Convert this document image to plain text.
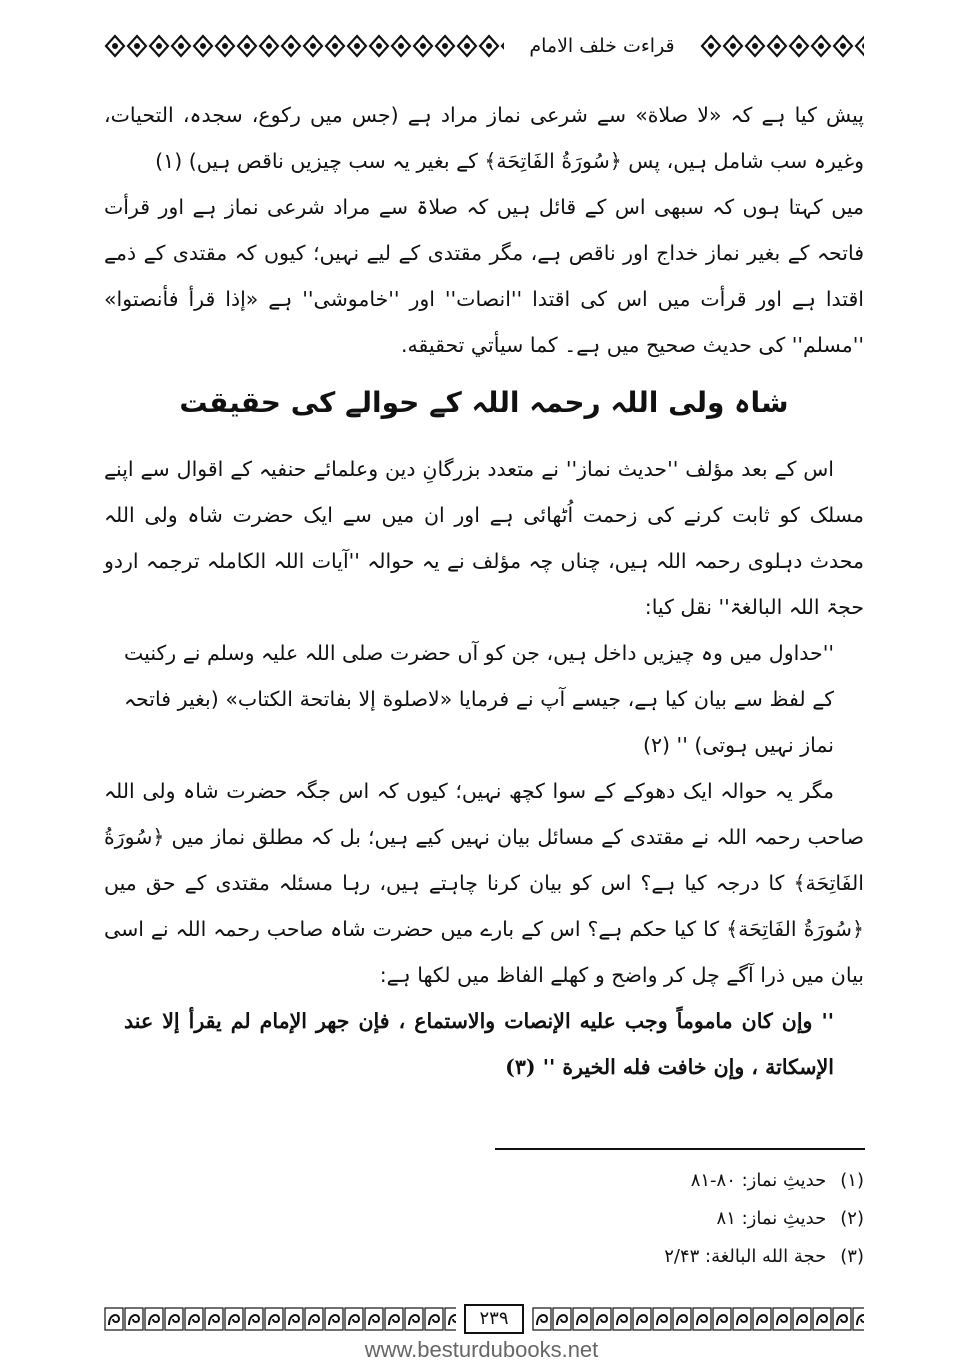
قراءت خلف الامام

پیش کیا ہے کہ «لا صلاة» سے شرعی نماز مراد ہے (جس میں رکوع، سجدہ، التحیات، وغیرہ سب شامل ہیں، پس ﴿سُورَةُ الفَاتِحَة﴾ کے بغیر یہ سب چیزیں ناقص ہیں) (۱)

میں کہتا ہوں کہ سبھی اس کے قائل ہیں کہ صلاۃ سے مراد شرعی نماز ہے اور قرأت فاتحہ کے بغیر نماز خداج اور ناقص ہے، مگر مقتدی کے لیے نہیں؛ کیوں کہ مقتدی کے ذمے اقتدا ہے اور قرأت میں اس کی اقتدا ''انصات'' اور ''خاموشی'' ہے «إذا قرأ فأنصتوا» ''مسلم'' کی حدیث صحیح میں ہے۔ كما سيأتي تحقيقه.

شاہ ولی اللہ رحمہ اللہ کے حوالے کی حقیقت

اس کے بعد مؤلف ''حدیث نماز'' نے متعدد بزرگانِ دین وعلمائے حنفیہ کے اقوال سے اپنے مسلک کو ثابت کرنے کی زحمت اُٹھائی ہے اور ان میں سے ایک حضرت شاہ ولی اللہ محدث دہلوی رحمہ اللہ ہیں، چناں چہ مؤلف نے یہ حوالہ ''آیات اللہ الکاملہ ترجمہ اردو حجۃ اللہ البالغۃ'' نقل کیا:

''حداول میں وہ چیزیں داخل ہیں، جن کو آں حضرت صلی اللہ علیہ وسلم نے رکنیت کے لفظ سے بیان کیا ہے، جیسے آپ نے فرمایا «لاصلوة إلا بفاتحة الكتاب» (بغیر فاتحہ نماز نہیں ہوتی) '' (۲)

مگر یہ حوالہ ایک دھوکے کے سوا کچھ نہیں؛ کیوں کہ اس جگہ حضرت شاہ ولی اللہ صاحب رحمہ اللہ نے مقتدی کے مسائل بیان نہیں کیے ہیں؛ بل کہ مطلق نماز میں ﴿سُورَةُ الفَاتِحَة﴾ کا درجہ کیا ہے؟ اس کو بیان کرنا چاہتے ہیں، رہا مسئلہ مقتدی کے حق میں ﴿سُورَةُ الفَاتِحَة﴾ کا کیا حکم ہے؟ اس کے بارے میں حضرت شاہ صاحب رحمہ اللہ نے اسی بیان میں ذرا آگے چل کر واضح و کھلے الفاظ میں لکھا ہے:

'' وإن كان ماموماً وجب عليه الإنصات والاستماع ، فإن جهر الإمام لم يقرأ إلا عند الإسكاتة ، وإن خافت فله الخيرة '' (۳)

(۱)حدیثِ نماز: ۸۰-۸۱
(۲)حدیثِ نماز: ۸۱
(۳)حجة الله البالغة: ۲/۴۳
۲۳۹
www.besturdubooks.net
